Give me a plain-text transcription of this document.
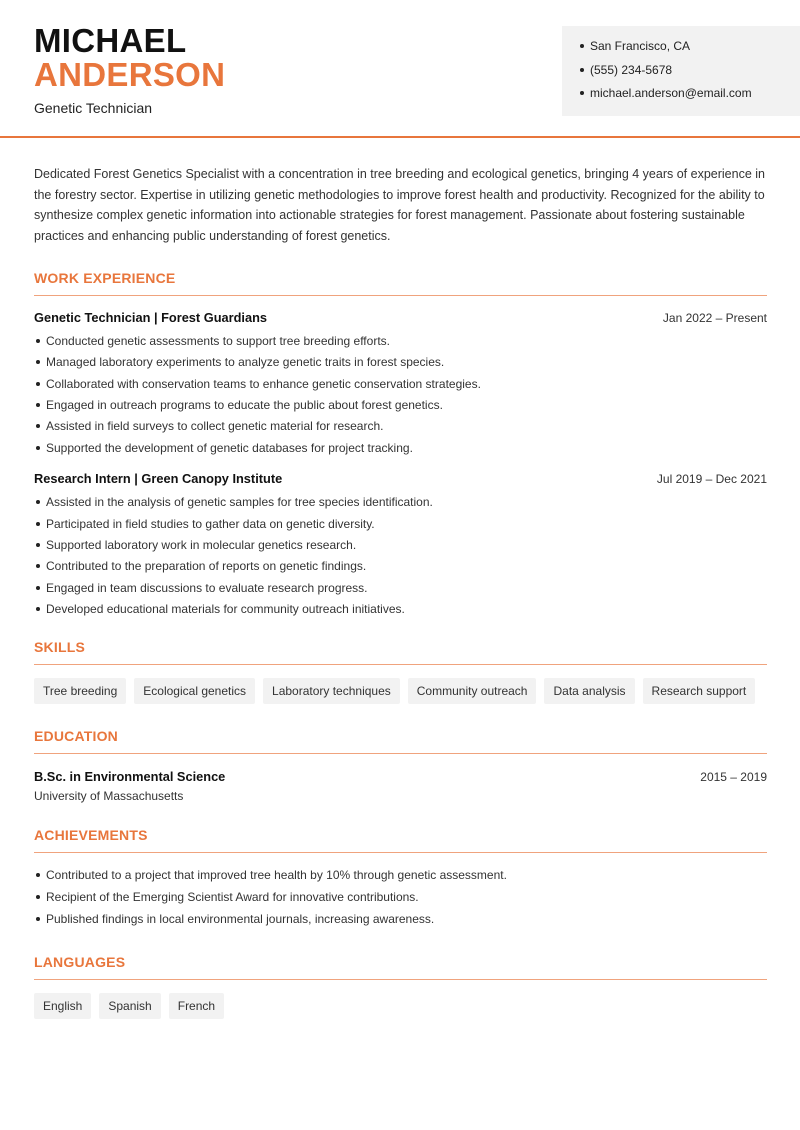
MICHAEL
ANDERSON
Genetic Technician
San Francisco, CA
(555) 234-5678
michael.anderson@email.com

Dedicated Forest Genetics Specialist with a concentration in tree breeding and ecological genetics, bringing 4 years of experience in the forestry sector. Expertise in utilizing genetic methodologies to improve forest health and productivity. Recognized for the ability to synthesize complex genetic information into actionable strategies for forest management. Passionate about fostering sustainable practices and enhancing public understanding of forest genetics.

WORK EXPERIENCE
Genetic Technician | Forest Guardians	Jan 2022 – Present
Conducted genetic assessments to support tree breeding efforts.
Managed laboratory experiments to analyze genetic traits in forest species.
Collaborated with conservation teams to enhance genetic conservation strategies.
Engaged in outreach programs to educate the public about forest genetics.
Assisted in field surveys to collect genetic material for research.
Supported the development of genetic databases for project tracking.
Research Intern | Green Canopy Institute	Jul 2019 – Dec 2021
Assisted in the analysis of genetic samples for tree species identification.
Participated in field studies to gather data on genetic diversity.
Supported laboratory work in molecular genetics research.
Contributed to the preparation of reports on genetic findings.
Engaged in team discussions to evaluate research progress.
Developed educational materials for community outreach initiatives.
SKILLS
Tree breeding	Ecological genetics	Laboratory techniques	Community outreach	Data analysis	Research support
EDUCATION
B.Sc. in Environmental Science	2015 – 2019
University of Massachusetts
ACHIEVEMENTS
Contributed to a project that improved tree health by 10% through genetic assessment.
Recipient of the Emerging Scientist Award for innovative contributions.
Published findings in local environmental journals, increasing awareness.
LANGUAGES
English	Spanish	French
